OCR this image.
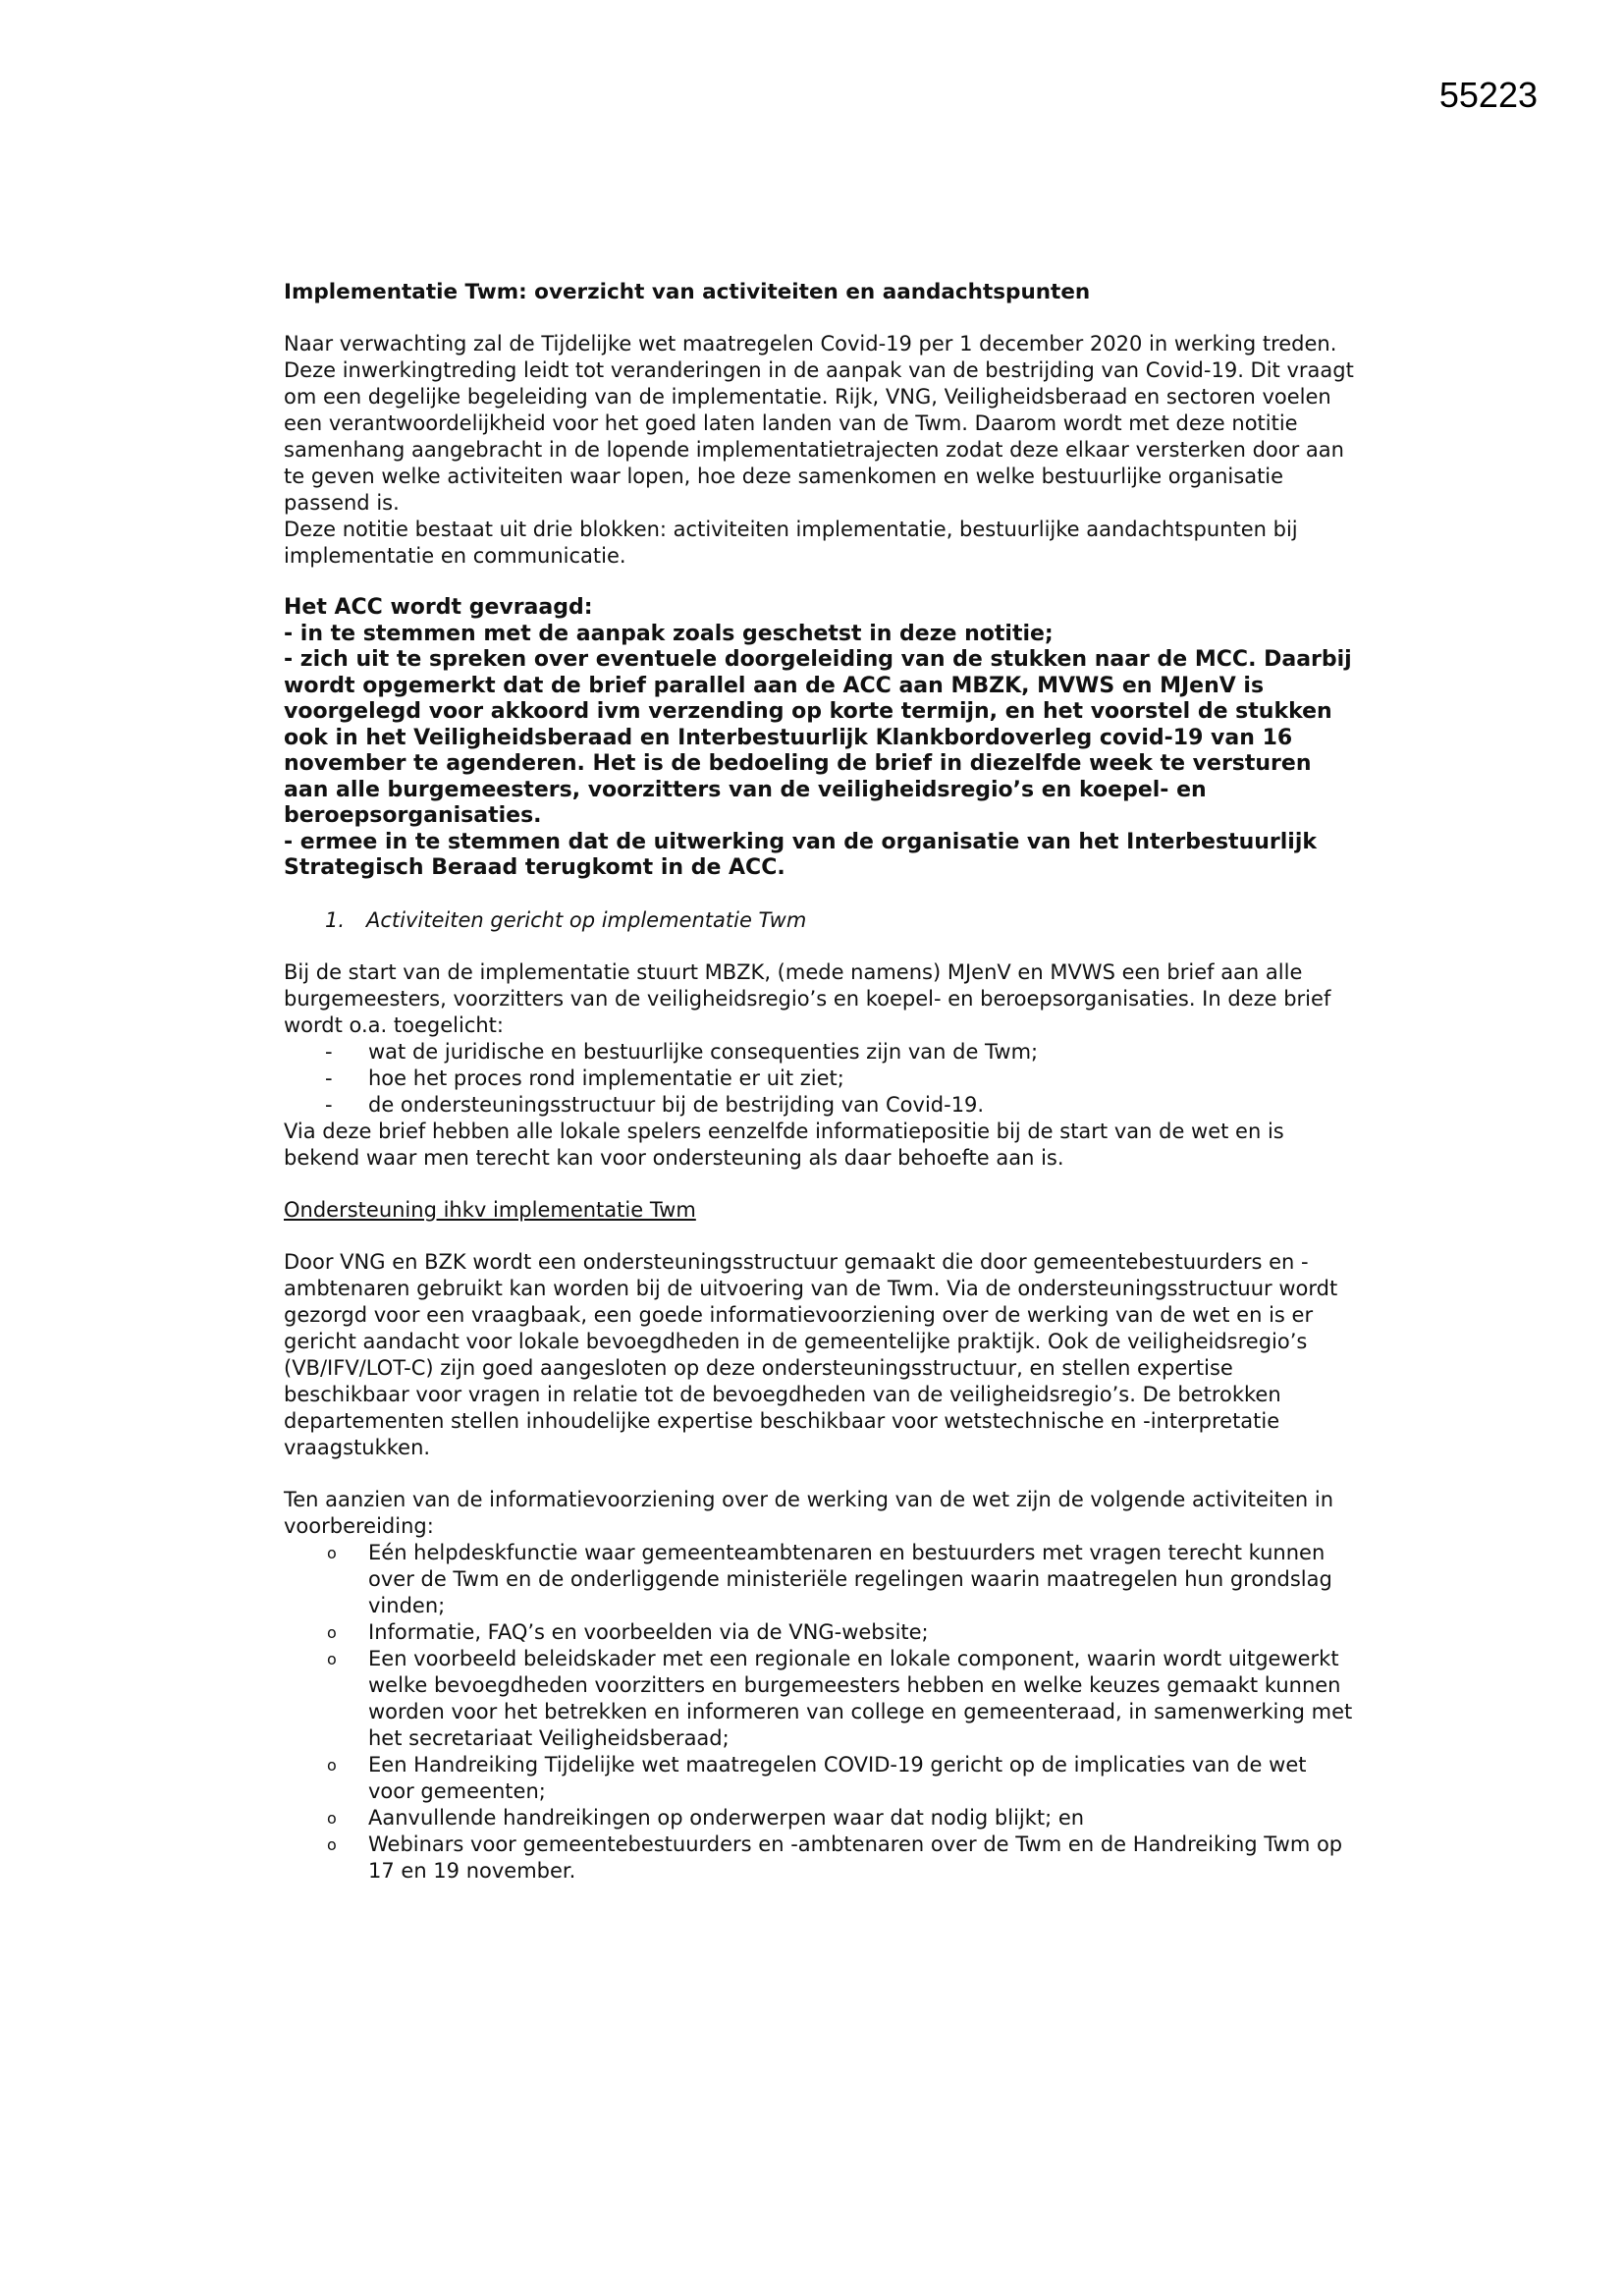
55223

Implementatie Twm: overzicht van activiteiten en aandachtspunten

Naar verwachting zal de Tijdelijke wet maatregelen Covid-19 per 1 december 2020 in werking treden. Deze inwerkingtreding leidt tot veranderingen in de aanpak van de bestrijding van Covid-19. Dit vraagt om een degelijke begeleiding van de implementatie. Rijk, VNG, Veiligheidsberaad en sectoren voelen een verantwoordelijkheid voor het goed laten landen van de Twm. Daarom wordt met deze notitie samenhang aangebracht in de lopende implementatietrajecten zodat deze elkaar versterken door aan te geven welke activiteiten waar lopen, hoe deze samenkomen en welke bestuurlijke organisatie passend is.

Deze notitie bestaat uit drie blokken: activiteiten implementatie, bestuurlijke aandachtspunten bij implementatie en communicatie.

Het ACC wordt gevraagd:
- in te stemmen met de aanpak zoals geschetst in deze notitie;
- zich uit te spreken over eventuele doorgeleiding van de stukken naar de MCC. Daarbij wordt opgemerkt dat de brief parallel aan de ACC aan MBZK, MVWS en MJenV is voorgelegd voor akkoord ivm verzending op korte termijn, en het voorstel de stukken ook in het Veiligheidsberaad en Interbestuurlijk Klankbordoverleg covid-19 van 16 november te agenderen. Het is de bedoeling de brief in diezelfde week te versturen aan alle burgemeesters, voorzitters van de veiligheidsregio’s en koepel- en beroepsorganisaties.
- ermee in te stemmen dat de uitwerking van de organisatie van het Interbestuurlijk Strategisch Beraad terugkomt in de ACC.

1. Activiteiten gericht op implementatie Twm

Bij de start van de implementatie stuurt MBZK, (mede namens) MJenV en MVWS een brief aan alle burgemeesters, voorzitters van de veiligheidsregio’s en koepel- en beroepsorganisaties. In deze brief wordt o.a. toegelicht:

- wat de juridische en bestuurlijke consequenties zijn van de Twm;
- hoe het proces rond implementatie er uit ziet;
- de ondersteuningsstructuur bij de bestrijding van Covid-19.

Via deze brief hebben alle lokale spelers eenzelfde informatiepositie bij de start van de wet en is bekend waar men terecht kan voor ondersteuning als daar behoefte aan is.

Ondersteuning ihkv implementatie Twm

Door VNG en BZK wordt een ondersteuningsstructuur gemaakt die door gemeentebestuurders en -ambtenaren gebruikt kan worden bij de uitvoering van de Twm. Via de ondersteuningsstructuur wordt gezorgd voor een vraagbaak, een goede informatievoorziening over de werking van de wet en is er gericht aandacht voor lokale bevoegdheden in de gemeentelijke praktijk. Ook de veiligheidsregio’s (VB/IFV/LOT-C) zijn goed aangesloten op deze ondersteuningsstructuur, en stellen expertise beschikbaar voor vragen in relatie tot de bevoegdheden van de veiligheidsregio’s. De betrokken departementen stellen inhoudelijke expertise beschikbaar voor wetstechnische en -interpretatie vraagstukken.

Ten aanzien van de informatievoorziening over de werking van de wet zijn de volgende activiteiten in voorbereiding:

o Eén helpdeskfunctie waar gemeenteambtenaren en bestuurders met vragen terecht kunnen over de Twm en de onderliggende ministeriële regelingen waarin maatregelen hun grondslag vinden;
o Informatie, FAQ’s en voorbeelden via de VNG-website;
o Een voorbeeld beleidskader met een regionale en lokale component, waarin wordt uitgewerkt welke bevoegdheden voorzitters en burgemeesters hebben en welke keuzes gemaakt kunnen worden voor het betrekken en informeren van college en gemeenteraad, in samenwerking met het secretariaat Veiligheidsberaad;
o Een Handreiking Tijdelijke wet maatregelen COVID-19 gericht op de implicaties van de wet voor gemeenten;
o Aanvullende handreikingen op onderwerpen waar dat nodig blijkt; en
o Webinars voor gemeentebestuurders en -ambtenaren over de Twm en de Handreiking Twm op 17 en 19 november.
